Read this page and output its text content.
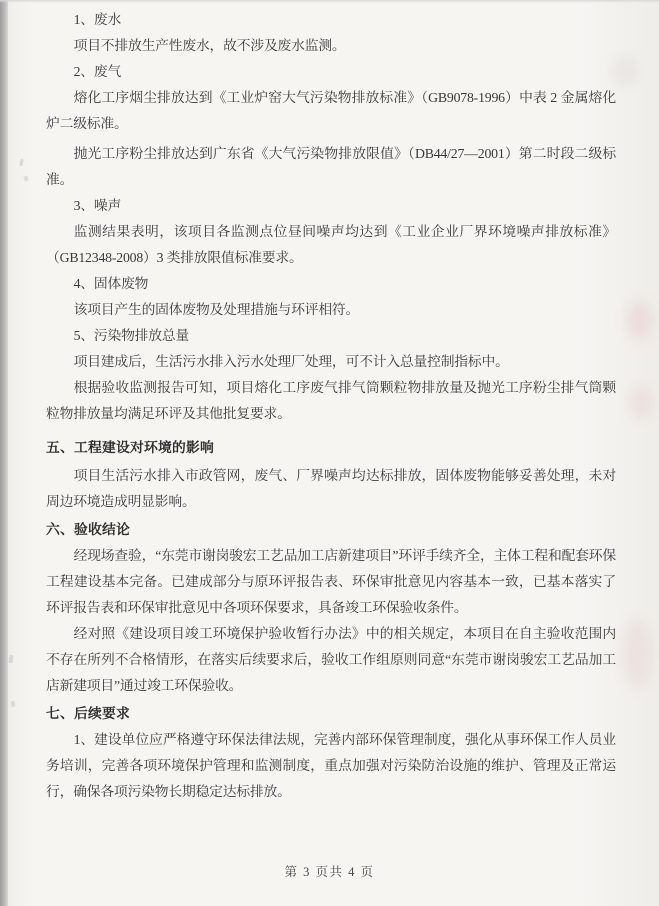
1、废水

项目不排放生产性废水，故不涉及废水监测。

2、废气

熔化工序烟尘排放达到《工业炉窑大气污染物排放标准》（GB9078-1996）中表 2 金属熔化炉二级标准。

抛光工序粉尘排放达到广东省《大气污染物排放限值》（DB44/27—2001）第二时段二级标准。

3、噪声

监测结果表明，该项目各监测点位昼间噪声均达到《工业企业厂界环境噪声排放标准》（GB12348-2008）3 类排放限值标准要求。

4、固体废物

该项目产生的固体废物及处理措施与环评相符。

5、污染物排放总量

项目建成后，生活污水排入污水处理厂处理，可不计入总量控制指标中。

根据验收监测报告可知，项目熔化工序废气排气筒颗粒物排放量及抛光工序粉尘排气筒颗粒物排放量均满足环评及其他批复要求。

五、工程建设对环境的影响

项目生活污水排入市政管网，废气、厂界噪声均达标排放，固体废物能够妥善处理，未对周边环境造成明显影响。

六、验收结论

经现场查验，“东莞市谢岗骏宏工艺品加工店新建项目”环评手续齐全，主体工程和配套环保工程建设基本完备。已建成部分与原环评报告表、环保审批意见内容基本一致，已基本落实了环评报告表和环保审批意见中各项环保要求，具备竣工环保验收条件。

经对照《建设项目竣工环境保护验收暂行办法》中的相关规定，本项目在自主验收范围内不存在所列不合格情形，在落实后续要求后，验收工作组原则同意“东莞市谢岗骏宏工艺品加工店新建项目”通过竣工环保验收。

七、后续要求

1、建设单位应严格遵守环保法律法规，完善内部环保管理制度，强化从事环保工作人员业务培训，完善各项环境保护管理和监测制度，重点加强对污染防治设施的维护、管理及正常运行，确保各项污染物长期稳定达标排放。

第 3 页共 4 页
